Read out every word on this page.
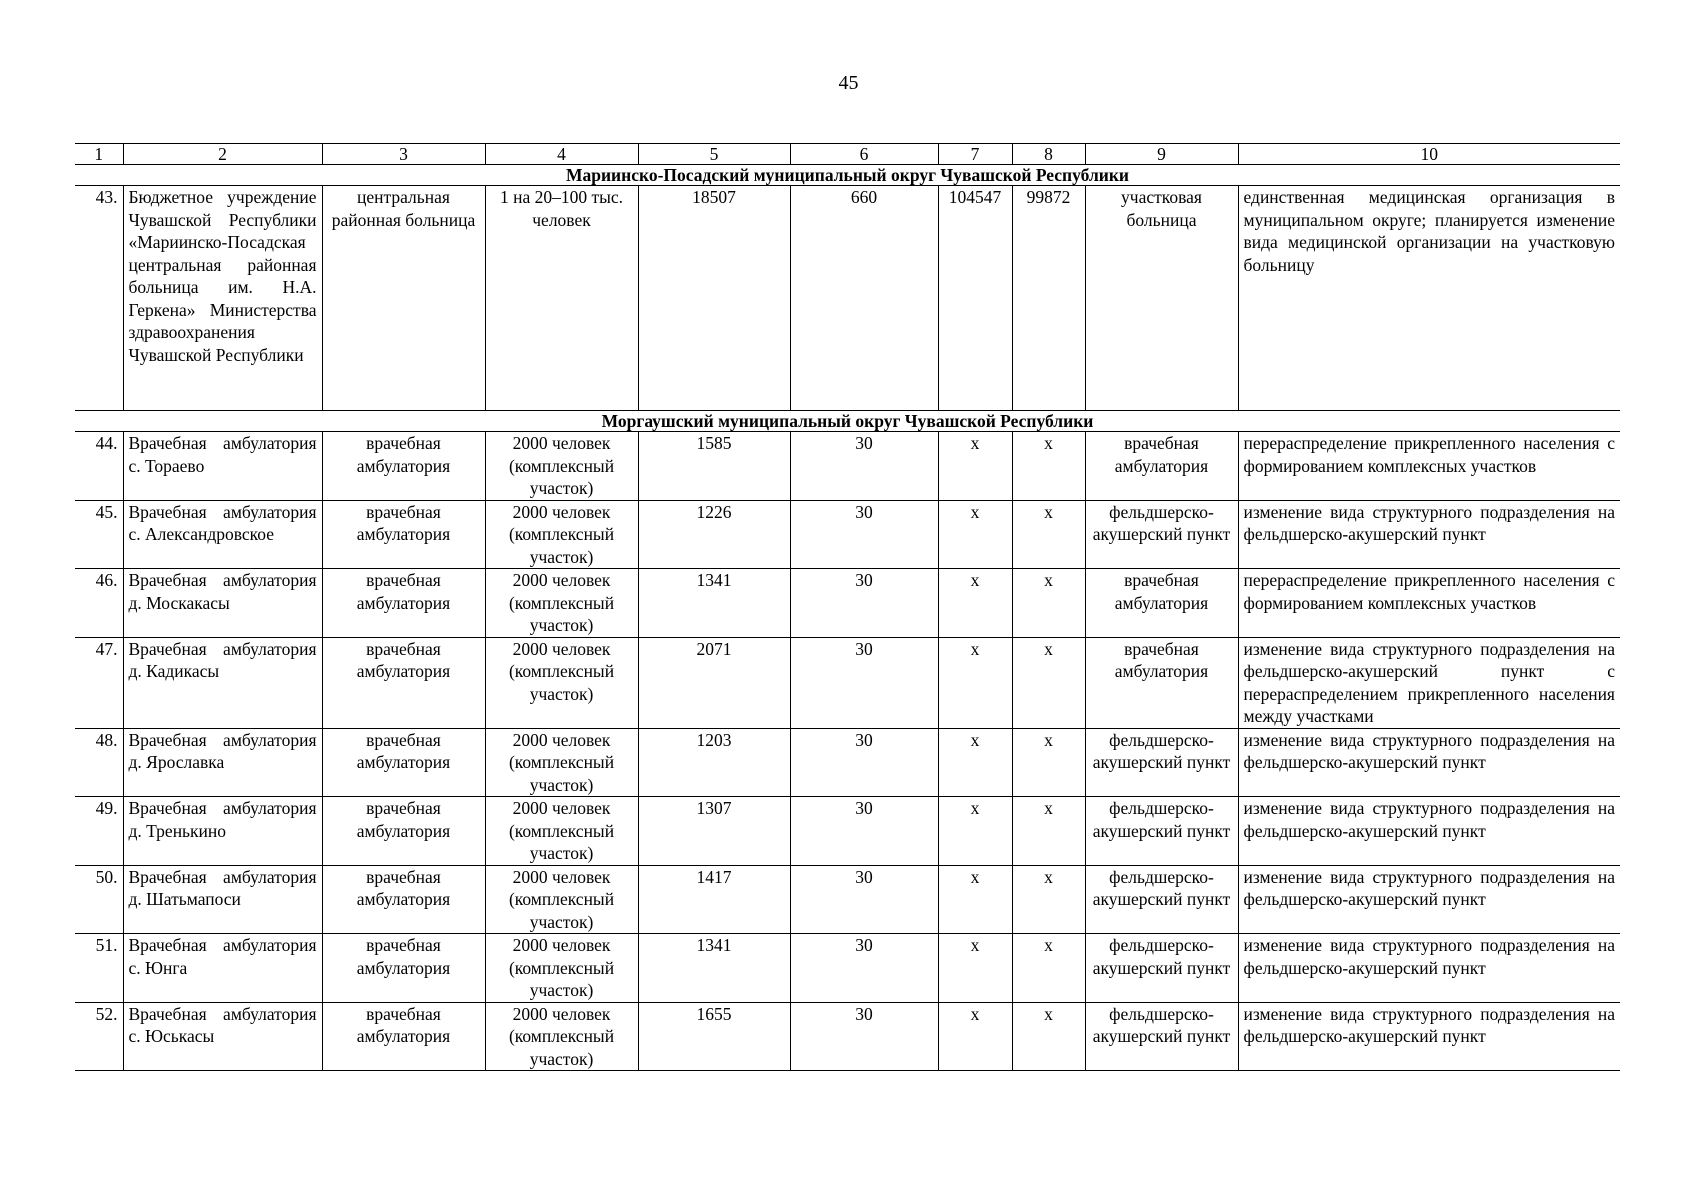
45
1	2	3	4	5	6	7	8	9	10
Мариинско-Посадский муниципальный округ Чувашской Республики									
43.	Бюджетное учреждение Чувашской Республики «Мариинско-Посадская центральная районная больница им. Н.А. Геркена» Министерства здравоохранения Чувашской Республики	центральная районная больница	1 на 20–100 тыс. человек	18507	660	104547	99872	участковая больница	единственная медицинская организация в муниципальном округе; планируется изменение вида медицинской организации на участковую больницу
Моргаушский муниципальный округ Чувашской Республики									
44.	Врачебная амбулатория с. Тораево	врачебная амбулатория	2000 человек (комплексный участок)	1585	30	х	х	врачебная амбулатория	перераспределение прикрепленного населения с формированием комплексных участков
45.	Врачебная амбулатория с. Александровское	врачебная амбулатория	2000 человек (комплексный участок)	1226	30	х	х	фельдшерско-акушерский пункт	изменение вида структурного подразделения на фельдшерско-акушерский пункт
46.	Врачебная амбулатория д. Москакасы	врачебная амбулатория	2000 человек (комплексный участок)	1341	30	х	х	врачебная амбулатория	перераспределение прикрепленного населения с формированием комплексных участков
47.	Врачебная амбулатория д. Кадикасы	врачебная амбулатория	2000 человек (комплексный участок)	2071	30	х	х	врачебная амбулатория	изменение вида структурного подразделения на фельдшерско-акушерский пункт с перераспределением прикрепленного населения между участками
48.	Врачебная амбулатория д. Ярославка	врачебная амбулатория	2000 человек (комплексный участок)	1203	30	х	х	фельдшерско-акушерский пункт	изменение вида структурного подразделения на фельдшерско-акушерский пункт
49.	Врачебная амбулатория д. Тренькино	врачебная амбулатория	2000 человек (комплексный участок)	1307	30	х	х	фельдшерско-акушерский пункт	изменение вида структурного подразделения на фельдшерско-акушерский пункт
50.	Врачебная амбулатория д. Шатьмапоси	врачебная амбулатория	2000 человек (комплексный участок)	1417	30	х	х	фельдшерско-акушерский пункт	изменение вида структурного подразделения на фельдшерско-акушерский пункт
51.	Врачебная амбулатория с. Юнга	врачебная амбулатория	2000 человек (комплексный участок)	1341	30	х	х	фельдшерско-акушерский пункт	изменение вида структурного подразделения на фельдшерско-акушерский пункт
52.	Врачебная амбулатория с. Юськасы	врачебная амбулатория	2000 человек (комплексный участок)	1655	30	х	х	фельдшерско-акушерский пункт	изменение вида структурного подразделения на фельдшерско-акушерский пункт
